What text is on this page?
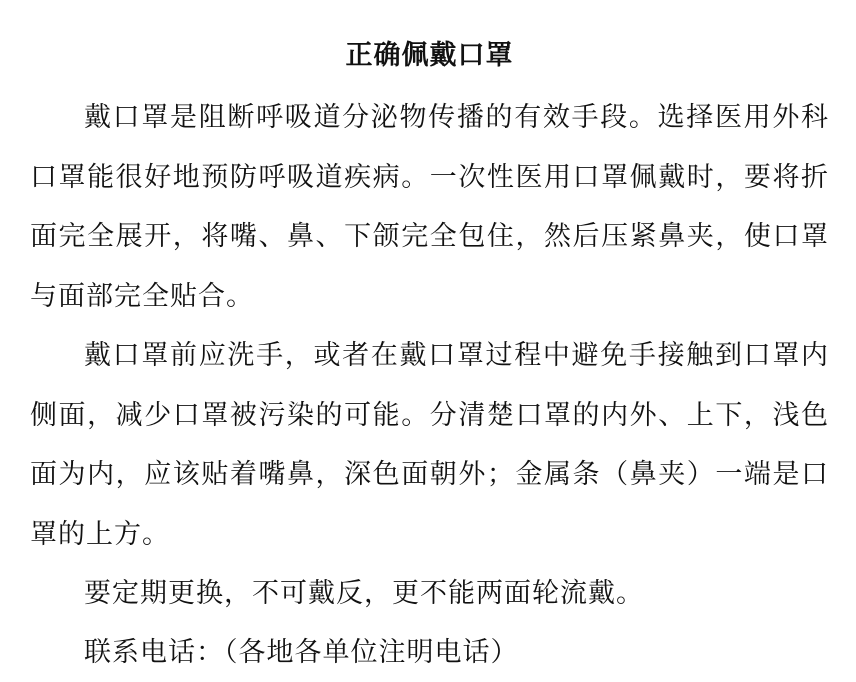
正确佩戴口罩

戴口罩是阻断呼吸道分泌物传播的有效手段。选择医用外科口罩能很好地预防呼吸道疾病。一次性医用口罩佩戴时，要将折面完全展开，将嘴、鼻、下颌完全包住，然后压紧鼻夹，使口罩与面部完全贴合。

戴口罩前应洗手，或者在戴口罩过程中避免手接触到口罩内侧面，减少口罩被污染的可能。分清楚口罩的内外、上下，浅色面为内，应该贴着嘴鼻，深色面朝外；金属条（鼻夹）一端是口罩的上方。

要定期更换，不可戴反，更不能两面轮流戴。

联系电话：（各地各单位注明电话）
